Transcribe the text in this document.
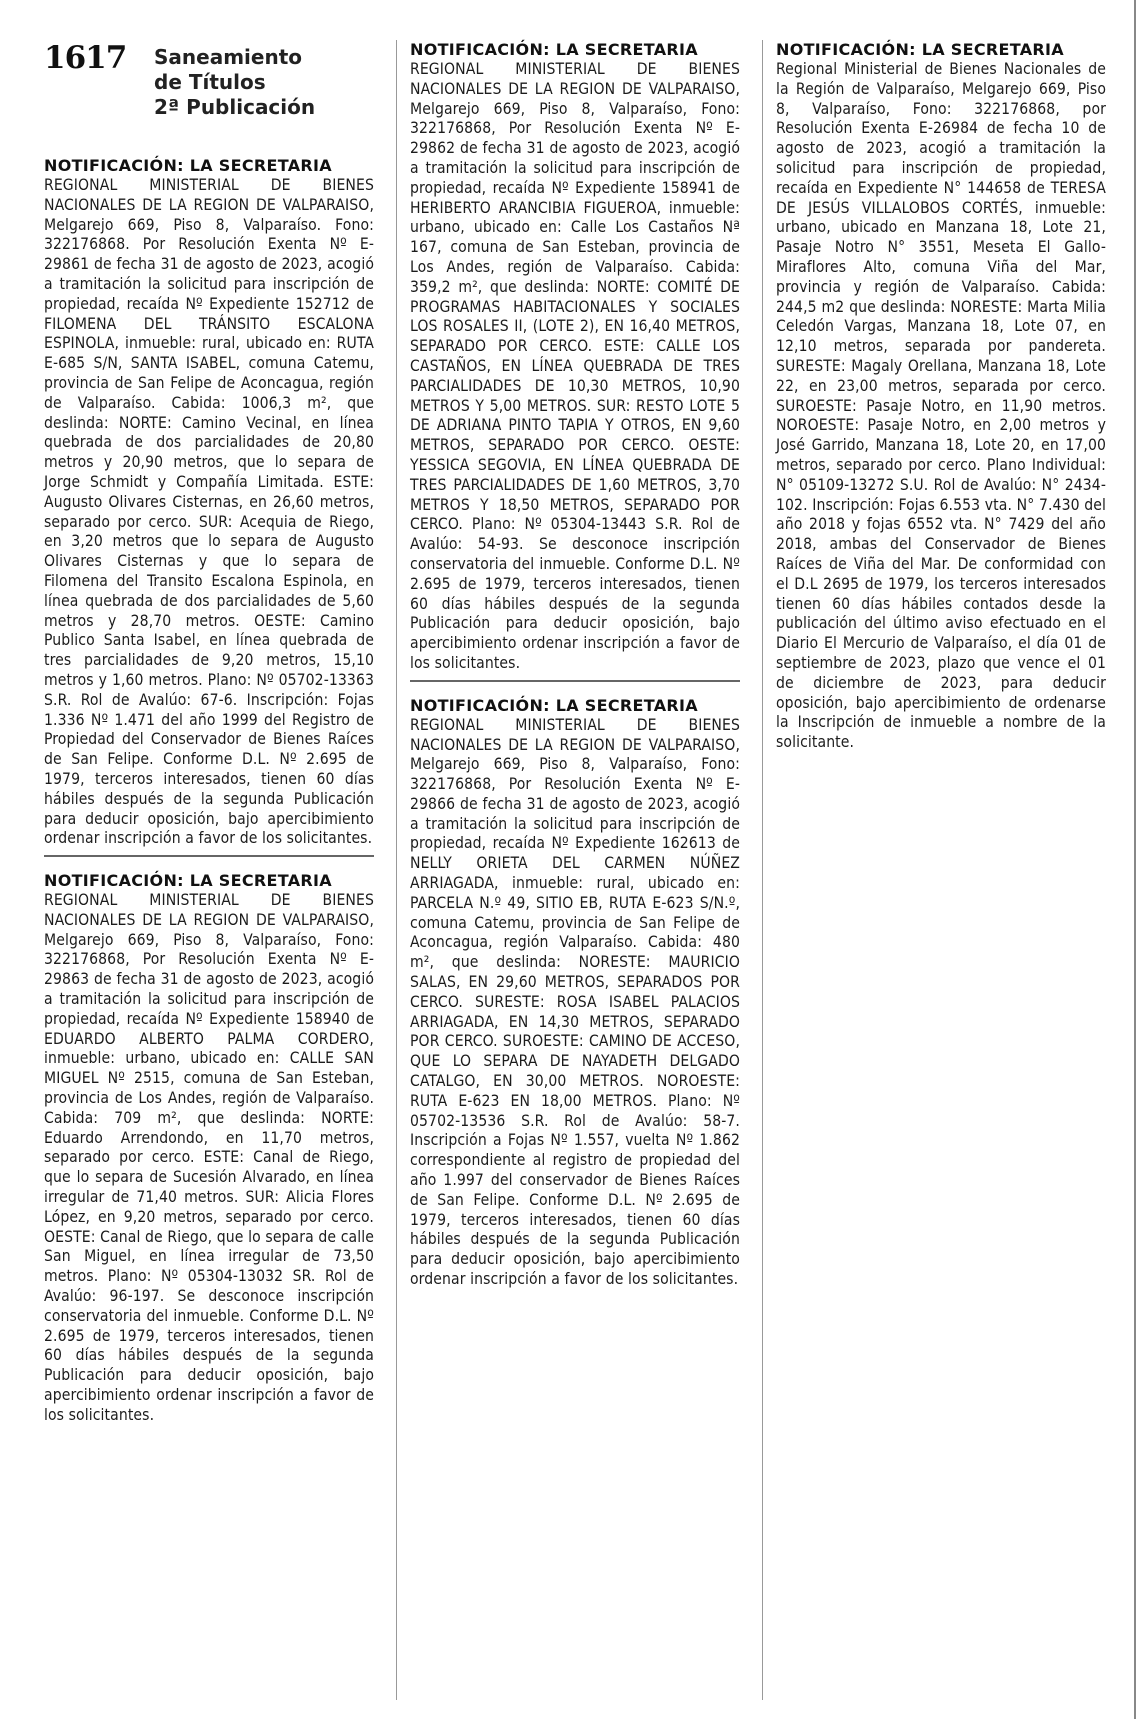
1617	Saneamiento
de Títulos
2ª Publicación
NOTIFICACIÓN: LA SECRETARIA
REGIONAL MINISTERIAL DE BIENES NACIONALES DE LA REGION DE VALPARAISO, Melgarejo 669, Piso 8, Valparaíso. Fono: 322176868. Por Resolución Exenta Nº E- 29861 de fecha 31 de agosto de 2023, acogió a tramitación la solicitud para inscripción de propiedad, recaída Nº Expediente 152712 de FILOMENA DEL TRÁNSITO ESCALONA ESPINOLA, inmueble: rural, ubicado en: RUTA E-685 S/N, SANTA ISABEL, comuna Catemu, provincia de San Felipe de Aconcagua, región de Valparaíso. Cabida: 1006,3 m², que deslinda: NORTE: Camino Vecinal, en línea quebrada de dos parcialidades de 20,80 metros y 20,90 metros, que lo separa de Jorge Schmidt y Compañía Limitada. ESTE: Augusto Olivares Cisternas, en 26,60 metros, separado por cerco. SUR: Acequia de Riego, en 3,20 metros que lo separa de Augusto Olivares Cisternas y que lo separa de Filomena del Transito Escalona Espinola, en línea quebrada de dos parcialidades de 5,60 metros y 28,70 metros. OESTE: Camino Publico Santa Isabel, en línea quebrada de tres parcialidades de 9,20 metros, 15,10 metros y 1,60 metros. Plano: Nº 05702-13363 S.R. Rol de Avalúo: 67-6. Inscripción: Fojas 1.336 Nº 1.471 del año 1999 del Registro de Propiedad del Conservador de Bienes Raíces de San Felipe. Conforme D.L. Nº 2.695 de 1979, terceros interesados, tienen 60 días hábiles después de la segunda Publicación para deducir oposición, bajo apercibimiento ordenar inscripción a favor de los solicitantes.
NOTIFICACIÓN: LA SECRETARIA
REGIONAL MINISTERIAL DE BIENES NACIONALES DE LA REGION DE VALPARAISO, Melgarejo 669, Piso 8, Valparaíso, Fono: 322176868, Por Resolución Exenta Nº E- 29863 de fecha 31 de agosto de 2023, acogió a tramitación la solicitud para inscripción de propiedad, recaída Nº Expediente 158940 de EDUARDO ALBERTO PALMA CORDERO, inmueble: urbano, ubicado en: CALLE SAN MIGUEL Nº 2515, comuna de San Esteban, provincia de Los Andes, región de Valparaíso. Cabida: 709 m², que deslinda: NORTE: Eduardo Arrendondo, en 11,70 metros, separado por cerco. ESTE: Canal de Riego, que lo separa de Sucesión Alvarado, en línea irregular de 71,40 metros. SUR: Alicia Flores López, en 9,20 metros, separado por cerco. OESTE: Canal de Riego, que lo separa de calle San Miguel, en línea irregular de 73,50 metros. Plano: Nº 05304-13032 SR. Rol de Avalúo: 96-197. Se desconoce inscripción conservatoria del inmueble. Conforme D.L. Nº 2.695 de 1979, terceros interesados, tienen 60 días hábiles después de la segunda Publicación para deducir oposición, bajo apercibimiento ordenar inscripción a favor de los solicitantes.
NOTIFICACIÓN: LA SECRETARIA
REGIONAL MINISTERIAL DE BIENES NACIONALES DE LA REGION DE VALPARAISO, Melgarejo 669, Piso 8, Valparaíso, Fono: 322176868, Por Resolución Exenta Nº E- 29862 de fecha 31 de agosto de 2023, acogió a tramitación la solicitud para inscripción de propiedad, recaída Nº Expediente 158941 de HERIBERTO ARANCIBIA FIGUEROA, inmueble: urbano, ubicado en: Calle Los Castaños Nª 167, comuna de San Esteban, provincia de Los Andes, región de Valparaíso. Cabida: 359,2 m², que deslinda: NORTE: COMITÉ DE PROGRAMAS HABITACIONALES Y SOCIALES LOS ROSALES II, (LOTE 2), EN 16,40 METROS, SEPARADO POR CERCO. ESTE: CALLE LOS CASTAÑOS, EN LÍNEA QUEBRADA DE TRES PARCIALIDADES DE 10,30 METROS, 10,90 METROS Y 5,00 METROS. SUR: RESTO LOTE 5 DE ADRIANA PINTO TAPIA Y OTROS, EN 9,60 METROS, SEPARADO POR CERCO. OESTE: YESSICA SEGOVIA, EN LÍNEA QUEBRADA DE TRES PARCIALIDADES DE 1,60 METROS, 3,70 METROS Y 18,50 METROS, SEPARADO POR CERCO. Plano: Nº 05304-13443 S.R. Rol de Avalúo: 54-93. Se desconoce inscripción conservatoria del inmueble. Conforme D.L. Nº 2.695 de 1979, terceros interesados, tienen 60 días hábiles después de la segunda Publicación para deducir oposición, bajo apercibimiento ordenar inscripción a favor de los solicitantes.
NOTIFICACIÓN: LA SECRETARIA
REGIONAL MINISTERIAL DE BIENES NACIONALES DE LA REGION DE VALPARAISO, Melgarejo 669, Piso 8, Valparaíso, Fono: 322176868, Por Resolución Exenta Nº E- 29866 de fecha 31 de agosto de 2023, acogió a tramitación la solicitud para inscripción de propiedad, recaída Nº Expediente 162613 de NELLY ORIETA DEL CARMEN NÚÑEZ ARRIAGADA, inmueble: rural, ubicado en: PARCELA N.º 49, SITIO EB, RUTA E-623 S/N.º, comuna Catemu, provincia de San Felipe de Aconcagua, región Valparaíso. Cabida: 480 m², que deslinda: NORESTE: MAURICIO SALAS, EN 29,60 METROS, SEPARADOS POR CERCO. SURESTE: ROSA ISABEL PALACIOS ARRIAGADA, EN 14,30 METROS, SEPARADO POR CERCO. SUROESTE: CAMINO DE ACCESO, QUE LO SEPARA DE NAYADETH DELGADO CATALGO, EN 30,00 METROS. NOROESTE: RUTA E-623 EN 18,00 METROS. Plano: Nº 05702-13536 S.R. Rol de Avalúo: 58-7. Inscripción a Fojas Nº 1.557, vuelta Nº 1.862 correspondiente al registro de propiedad del año 1.997 del conservador de Bienes Raíces de San Felipe. Conforme D.L. Nº 2.695 de 1979, terceros interesados, tienen 60 días hábiles después de la segunda Publicación para deducir oposición, bajo apercibimiento ordenar inscripción a favor de los solicitantes.
NOTIFICACIÓN: LA SECRETARIA
Regional Ministerial de Bienes Nacionales de la Región de Valparaíso, Melgarejo 669, Piso 8, Valparaíso, Fono: 322176868, por Resolución Exenta E-26984 de fecha 10 de agosto de 2023, acogió a tramitación la solicitud para inscripción de propiedad, recaída en Expediente N° 144658 de TERESA DE JESÚS VILLALOBOS CORTÉS, inmueble: urbano, ubicado en Manzana 18, Lote 21, Pasaje Notro N° 3551, Meseta El Gallo-Miraflores Alto, comuna Viña del Mar, provincia y región de Valparaíso. Cabida: 244,5 m2 que deslinda: NORESTE: Marta Milia Celedón Vargas, Manzana 18, Lote 07, en 12,10 metros, separada por pandereta. SURESTE: Magaly Orellana, Manzana 18, Lote 22, en 23,00 metros, separada por cerco. SUROESTE: Pasaje Notro, en 11,90 metros. NOROESTE: Pasaje Notro, en 2,00 metros y José Garrido, Manzana 18, Lote 20, en 17,00 metros, separado por cerco. Plano Individual: N° 05109-13272 S.U. Rol de Avalúo: N° 2434-102. Inscripción: Fojas 6.553 vta. N° 7.430 del año 2018 y fojas 6552 vta. N° 7429 del año 2018, ambas del Conservador de Bienes Raíces de Viña del Mar. De conformidad con el D.L 2695 de 1979, los terceros interesados tienen 60 días hábiles contados desde la publicación del último aviso efectuado en el Diario El Mercurio de Valparaíso, el día 01 de septiembre de 2023, plazo que vence el 01 de diciembre de 2023, para deducir oposición, bajo apercibimiento de ordenarse la Inscripción de inmueble a nombre de la solicitante.
